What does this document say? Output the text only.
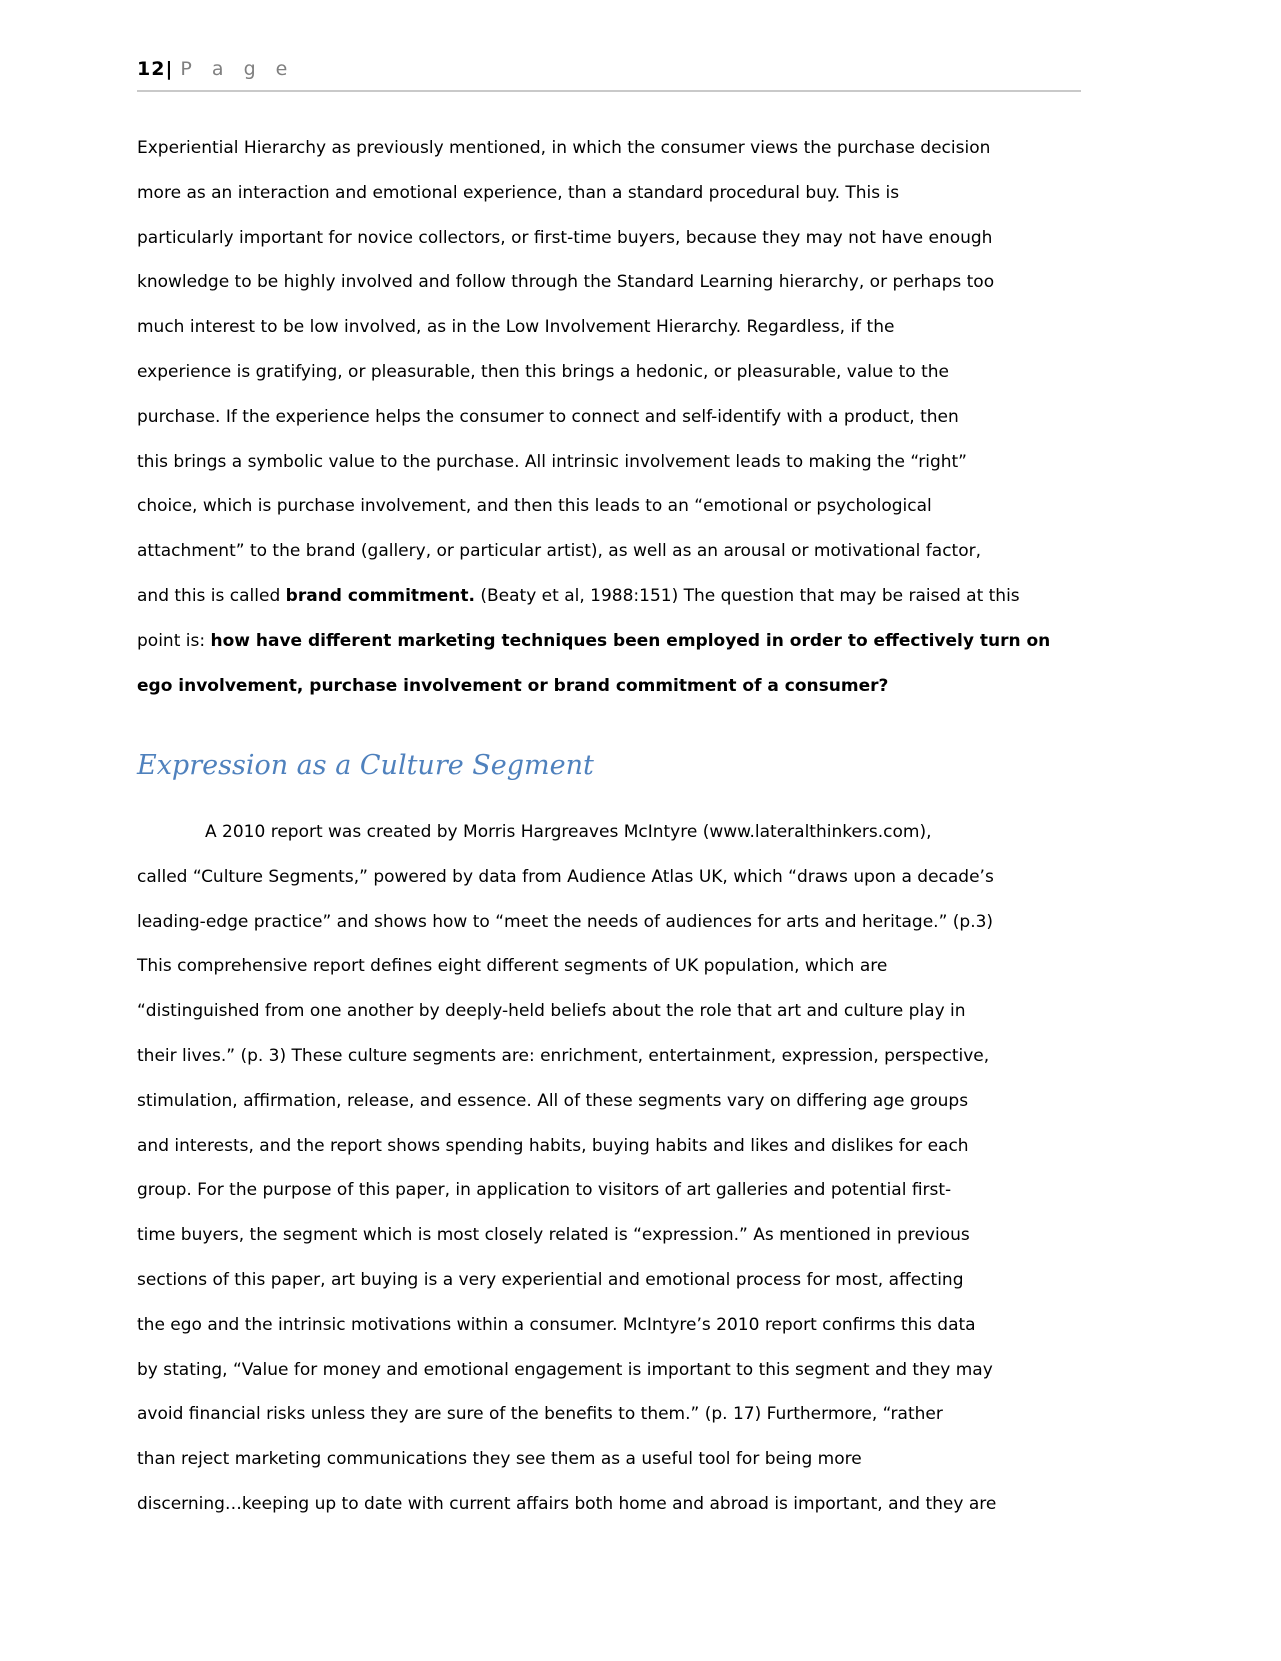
12| P a g e
Experiential Hierarchy as previously mentioned, in which the consumer views the purchase decision
more as an interaction and emotional experience, than a standard procedural buy. This is
particularly important for novice collectors, or first-time buyers, because they may not have enough
knowledge to be highly involved and follow through the Standard Learning hierarchy, or perhaps too
much interest to be low involved, as in the Low Involvement Hierarchy. Regardless, if the
experience is gratifying, or pleasurable, then this brings a hedonic, or pleasurable, value to the
purchase. If the experience helps the consumer to connect and self-identify with a product, then
this brings a symbolic value to the purchase. All intrinsic involvement leads to making the “right”
choice, which is purchase involvement, and then this leads to an “emotional or psychological
attachment” to the brand (gallery, or particular artist), as well as an arousal or motivational factor,
and this is called brand commitment. (Beaty et al, 1988:151) The question that may be raised at this
point is: how have different marketing techniques been employed in order to effectively turn on
ego involvement, purchase involvement or brand commitment of a consumer?
Expression as a Culture Segment
A 2010 report was created by Morris Hargreaves McIntyre (www.lateralthinkers.com),
called “Culture Segments,” powered by data from Audience Atlas UK, which “draws upon a decade’s
leading-edge practice” and shows how to “meet the needs of audiences for arts and heritage.” (p.3)
This comprehensive report defines eight different segments of UK population, which are
“distinguished from one another by deeply-held beliefs about the role that art and culture play in
their lives.” (p. 3) These culture segments are: enrichment, entertainment, expression, perspective,
stimulation, affirmation, release, and essence. All of these segments vary on differing age groups
and interests, and the report shows spending habits, buying habits and likes and dislikes for each
group. For the purpose of this paper, in application to visitors of art galleries and potential first-
time buyers, the segment which is most closely related is “expression.” As mentioned in previous
sections of this paper, art buying is a very experiential and emotional process for most, affecting
the ego and the intrinsic motivations within a consumer. McIntyre’s 2010 report confirms this data
by stating, “Value for money and emotional engagement is important to this segment and they may
avoid financial risks unless they are sure of the benefits to them.” (p. 17) Furthermore, “rather
than reject marketing communications they see them as a useful tool for being more
discerning…keeping up to date with current affairs both home and abroad is important, and they are
